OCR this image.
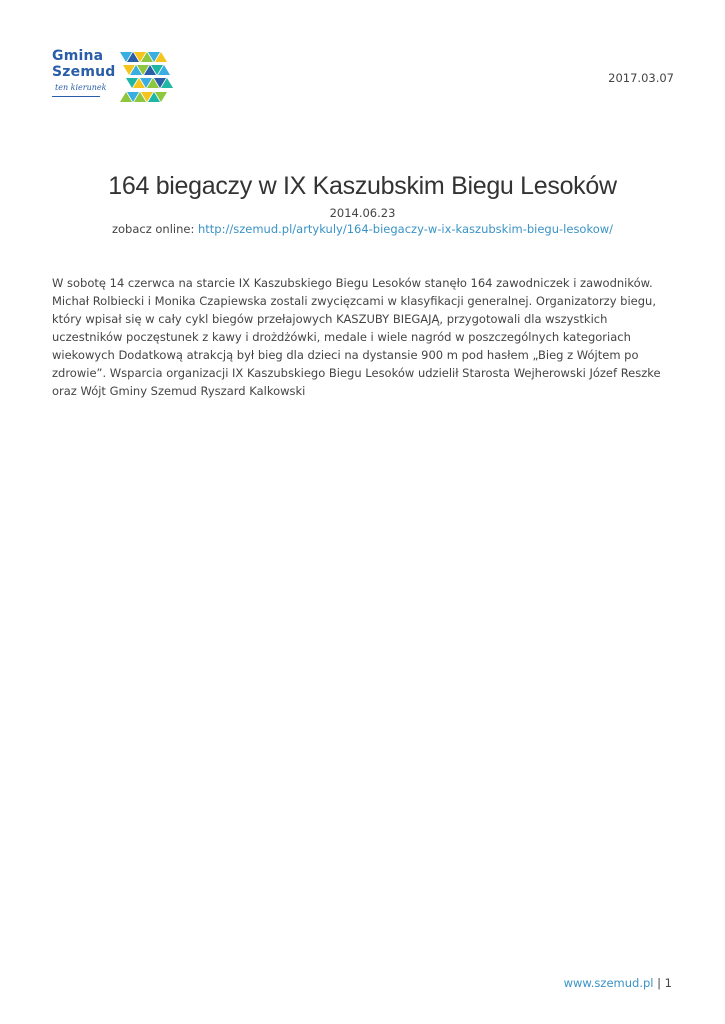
Gmina
Szemud
ten kierunek
2017.03.07
164 biegaczy w IX Kaszubskim Biegu Lesoków
2014.06.23
zobacz online: http://szemud.pl/artykuly/164-biegaczy-w-ix-kaszubskim-biegu-lesokow/

W sobotę 14 czerwca na starcie IX Kaszubskiego Biegu Lesoków stanęło 164 zawodniczek i zawodników. Michał Rolbiecki i Monika Czapiewska zostali zwycięzcami w klasyfikacji generalnej. Organizatorzy biegu, który wpisał się w cały cykl biegów przełajowych KASZUBY BIEGAJĄ, przygotowali dla wszystkich uczestników poczęstunek z kawy i drożdżówki, medale i wiele nagród w poszczególnych kategoriach wiekowych Dodatkową atrakcją był bieg dla dzieci na dystansie 900 m pod hasłem „Bieg z Wójtem po zdrowie”. Wsparcia organizacji IX Kaszubskiego Biegu Lesoków udzielił Starosta Wejherowski Józef Reszke oraz Wójt Gminy Szemud Ryszard Kalkowski

www.szemud.pl | 1
